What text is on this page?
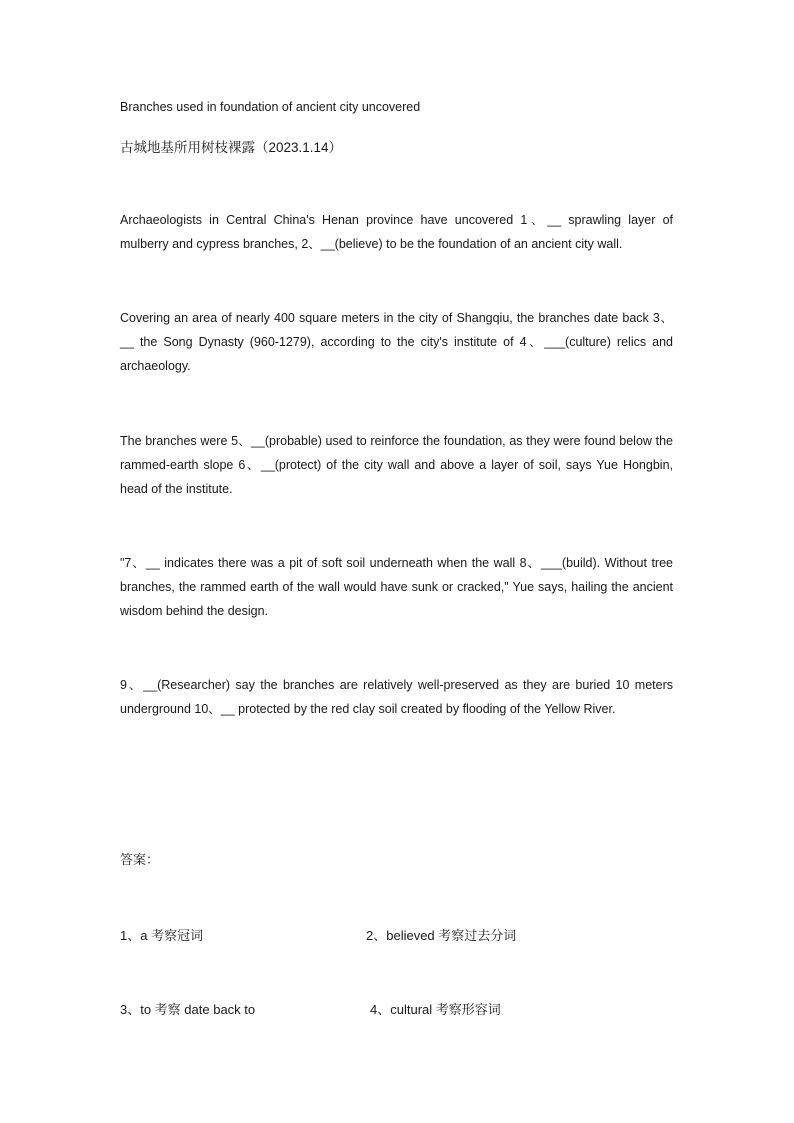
Branches used in foundation of ancient city uncovered
古城地基所用树枝裸露（2023.1.14）

Archaeologists in Central China's Henan province have uncovered 1、__ sprawling layer of mulberry and cypress branches, 2、__(believe) to be the foundation of an ancient city wall.

Covering an area of nearly 400 square meters in the city of Shangqiu, the branches date back 3、__ the Song Dynasty (960-1279), according to the city's institute of 4、___(culture) relics and archaeology.

The branches were 5、__(probable) used to reinforce the foundation, as they were found below the rammed-earth slope 6、__(protect) of the city wall and above a layer of soil, says Yue Hongbin, head of the institute.

"7、__ indicates there was a pit of soft soil underneath when the wall 8、___(build). Without tree branches, the rammed earth of the wall would have sunk or cracked," Yue says, hailing the ancient wisdom behind the design.

9、__(Researcher) say the branches are relatively well-preserved as they are buried 10 meters underground 10、__ protected by the red clay soil created by flooding of the Yellow River.

答案：
1、a 考察冠词	2、believed 考察过去分词
3、to 考察 date back to	4、cultural 考察形容词
